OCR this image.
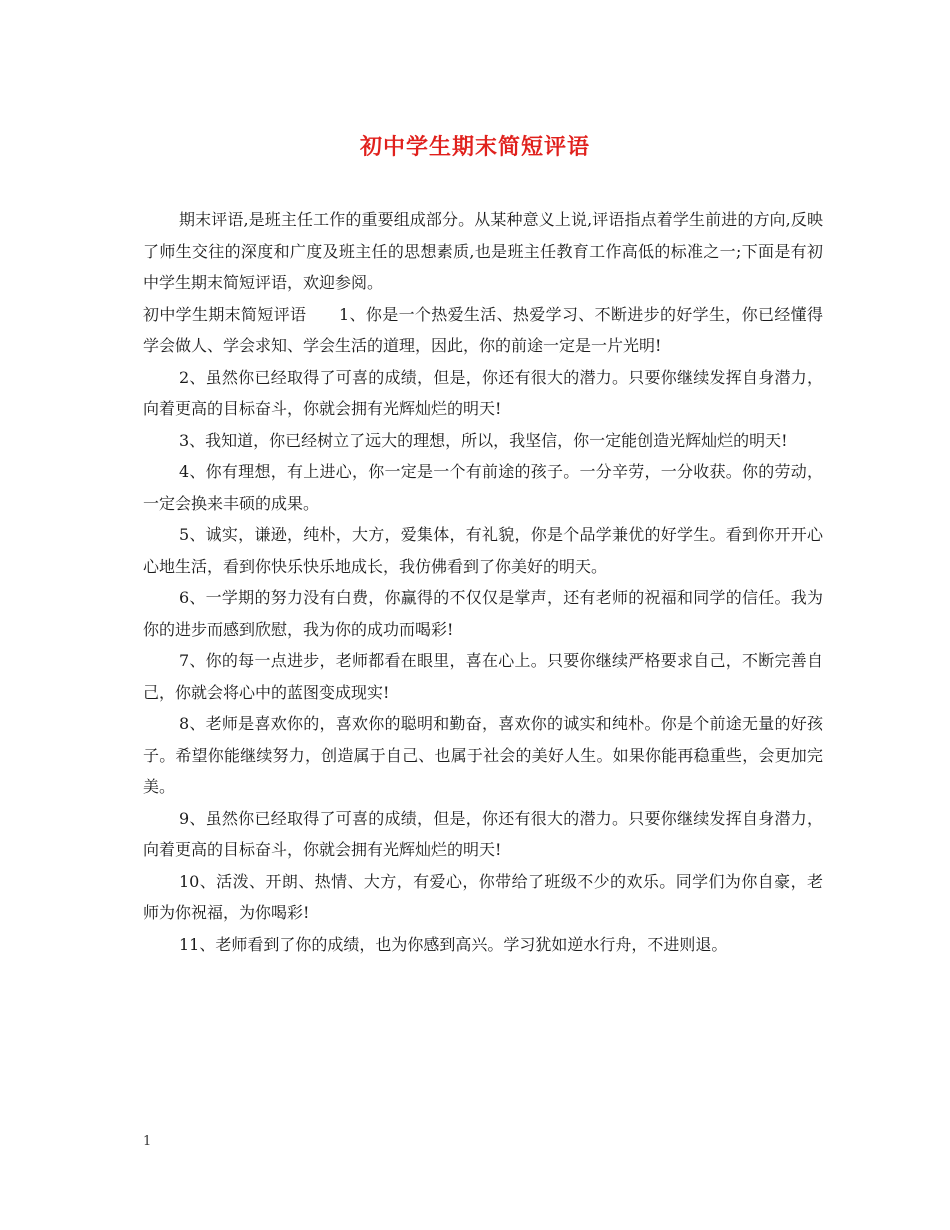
初中学生期末简短评语

期末评语,是班主任工作的重要组成部分。从某种意义上说,评语指点着学生前进的方向,反映了师生交往的深度和广度及班主任的思想素质,也是班主任教育工作高低的标准之一;下面是有初中学生期末简短评语，欢迎参阅。

初中学生期末简短评语　　1、你是一个热爱生活、热爱学习、不断进步的好学生，你已经懂得学会做人、学会求知、学会生活的道理，因此，你的前途一定是一片光明!

2、虽然你已经取得了可喜的成绩，但是，你还有很大的潜力。只要你继续发挥自身潜力，向着更高的目标奋斗，你就会拥有光辉灿烂的明天!

3、我知道，你已经树立了远大的理想，所以，我坚信，你一定能创造光辉灿烂的明天!

4、你有理想，有上进心，你一定是一个有前途的孩子。一分辛劳，一分收获。你的劳动，一定会换来丰硕的成果。

5、诚实，谦逊，纯朴，大方，爱集体，有礼貌，你是个品学兼优的好学生。看到你开开心心地生活，看到你快乐快乐地成长，我仿佛看到了你美好的明天。

6、一学期的努力没有白费，你赢得的不仅仅是掌声，还有老师的祝福和同学的信任。我为你的进步而感到欣慰，我为你的成功而喝彩!

7、你的每一点进步，老师都看在眼里，喜在心上。只要你继续严格要求自己，不断完善自己，你就会将心中的蓝图变成现实!

8、老师是喜欢你的，喜欢你的聪明和勤奋，喜欢你的诚实和纯朴。你是个前途无量的好孩子。希望你能继续努力，创造属于自己、也属于社会的美好人生。如果你能再稳重些，会更加完美。

9、虽然你已经取得了可喜的成绩，但是，你还有很大的潜力。只要你继续发挥自身潜力，向着更高的目标奋斗，你就会拥有光辉灿烂的明天!

10、活泼、开朗、热情、大方，有爱心，你带给了班级不少的欢乐。同学们为你自豪，老师为你祝福，为你喝彩!

11、老师看到了你的成绩，也为你感到高兴。学习犹如逆水行舟，不进则退。

1
